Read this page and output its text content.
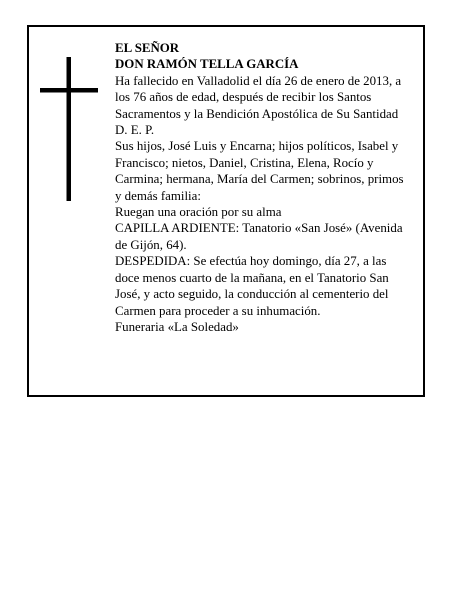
EL SEÑOR
DON RAMÓN TELLA GARCÍA
Ha fallecido en Valladolid el día 26 de enero de 2013, a
los 76 años de edad, después de recibir los Santos
Sacramentos y la Bendición Apostólica de Su Santidad
D. E. P.
Sus hijos, José Luis y Encarna; hijos políticos, Isabel y
Francisco; nietos, Daniel, Cristina, Elena, Rocío y
Carmina; hermana, María del Carmen; sobrinos, primos
y demás familia:
Ruegan una oración por su alma
CAPILLA ARDIENTE: Tanatorio «San José» (Avenida
de Gijón, 64).
DESPEDIDA: Se efectúa hoy domingo, día 27, a las
doce menos cuarto de la mañana, en el Tanatorio San
José, y acto seguido, la conducción al cementerio del
Carmen para proceder a su inhumación.
Funeraria «La Soledad»
